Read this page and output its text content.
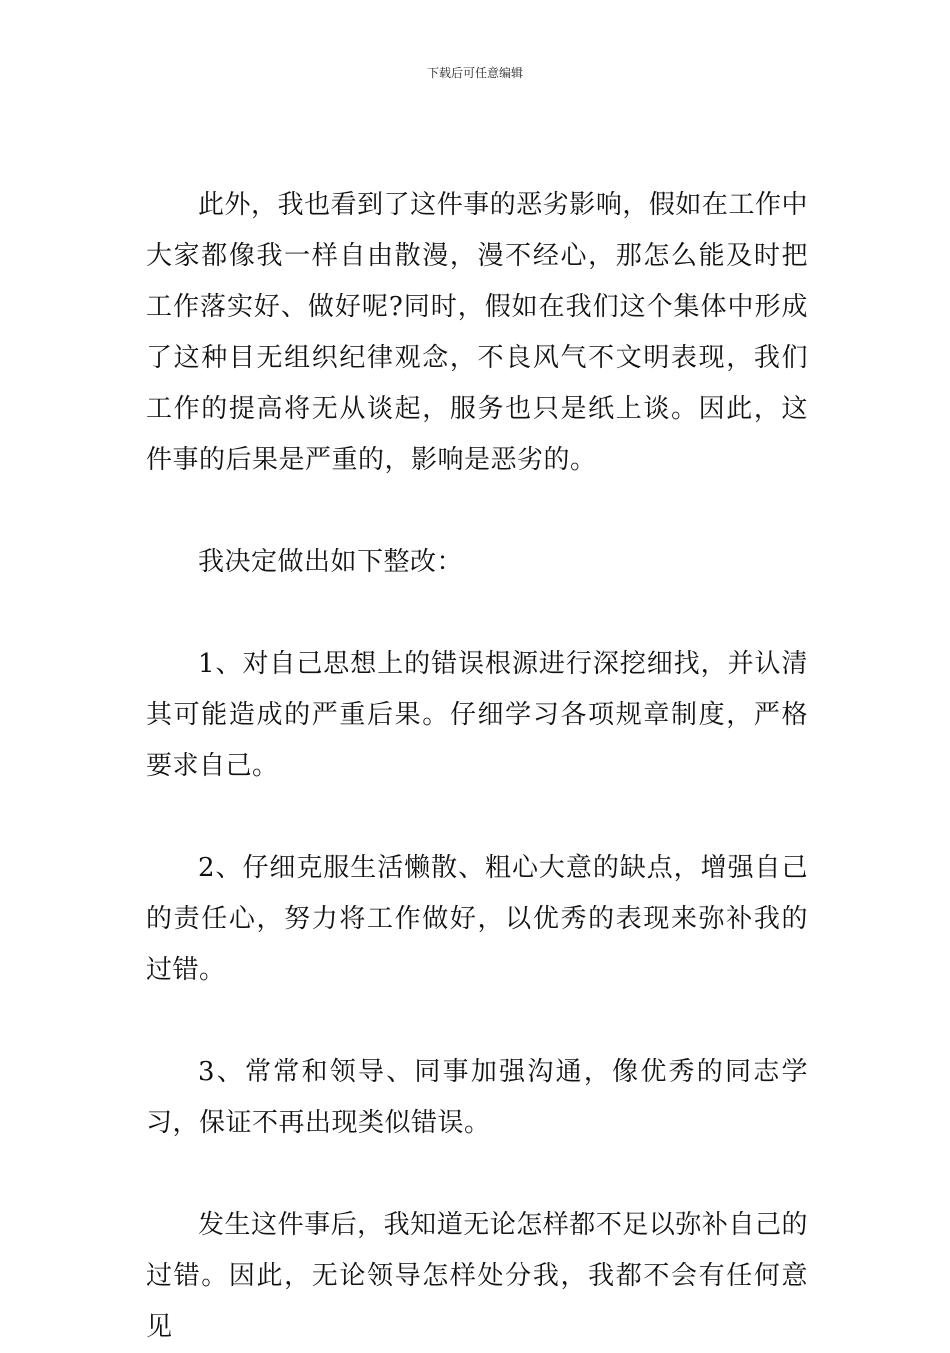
下载后可任意编辑

此外，我也看到了这件事的恶劣影响，假如在工作中大家都像我一样自由散漫，漫不经心，那怎么能及时把工作落实好、做好呢?同时，假如在我们这个集体中形成了这种目无组织纪律观念，不良风气不文明表现，我们工作的提高将无从谈起，服务也只是纸上谈。因此，这件事的后果是严重的，影响是恶劣的。

我决定做出如下整改：

1、对自己思想上的错误根源进行深挖细找，并认清其可能造成的严重后果。仔细学习各项规章制度，严格要求自己。

2、仔细克服生活懒散、粗心大意的缺点，增强自己的责任心，努力将工作做好，以优秀的表现来弥补我的过错。

3、常常和领导、同事加强沟通，像优秀的同志学习，保证不再出现类似错误。

发生这件事后，我知道无论怎样都不足以弥补自己的过错。因此，无论领导怎样处分我，我都不会有任何意见
